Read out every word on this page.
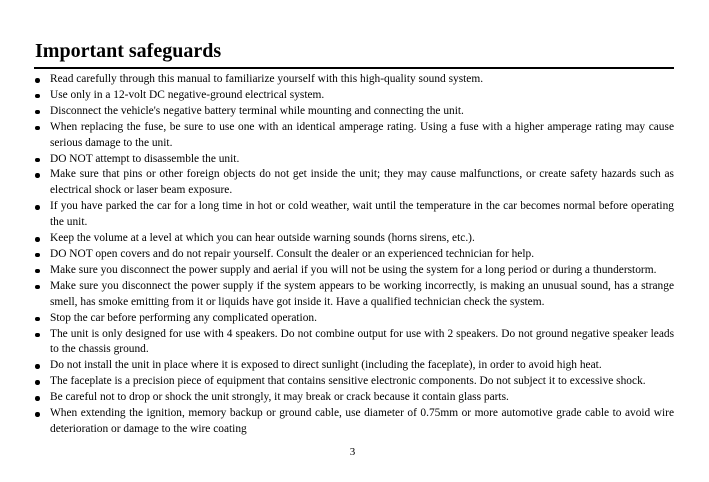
Important safeguards
Read carefully through this manual to familiarize yourself with this high-quality sound system.
Use only in a 12-volt DC negative-ground electrical system.
Disconnect the vehicle's negative battery terminal while mounting and connecting the unit.
When replacing the fuse, be sure to use one with an identical amperage rating. Using a fuse with a higher amperage rating may cause serious damage to the unit.
DO NOT attempt to disassemble the unit.
Make sure that pins or other foreign objects do not get inside the unit; they may cause malfunctions, or create safety hazards such as electrical shock or laser beam exposure.
If you have parked the car for a long time in hot or cold weather, wait until the temperature in the car becomes normal before operating the unit.
Keep the volume at a level at which you can hear outside warning sounds (horns sirens, etc.).
DO NOT open covers and do not repair yourself. Consult the dealer or an experienced technician for help.
Make sure you disconnect the power supply and aerial if you will not be using the system for a long period or during a thunderstorm.
Make sure you disconnect the power supply if the system appears to be working incorrectly, is making an unusual sound, has a strange smell, has smoke emitting from it or liquids have got inside it. Have a qualified technician check the system.
Stop the car before performing any complicated operation.
The unit is only designed for use with 4 speakers. Do not combine output for use with 2 speakers. Do not ground negative speaker leads to the chassis ground.
Do not install the unit in place where it is exposed to direct sunlight (including the faceplate), in order to avoid high heat.
The faceplate is a precision piece of equipment that contains sensitive electronic components. Do not subject it to excessive shock.
Be careful not to drop or shock the unit strongly, it may break or crack because it contain glass parts.
When extending the ignition, memory backup or ground cable, use diameter of 0.75mm or more automotive grade cable to avoid wire deterioration or damage to the wire coating
3
